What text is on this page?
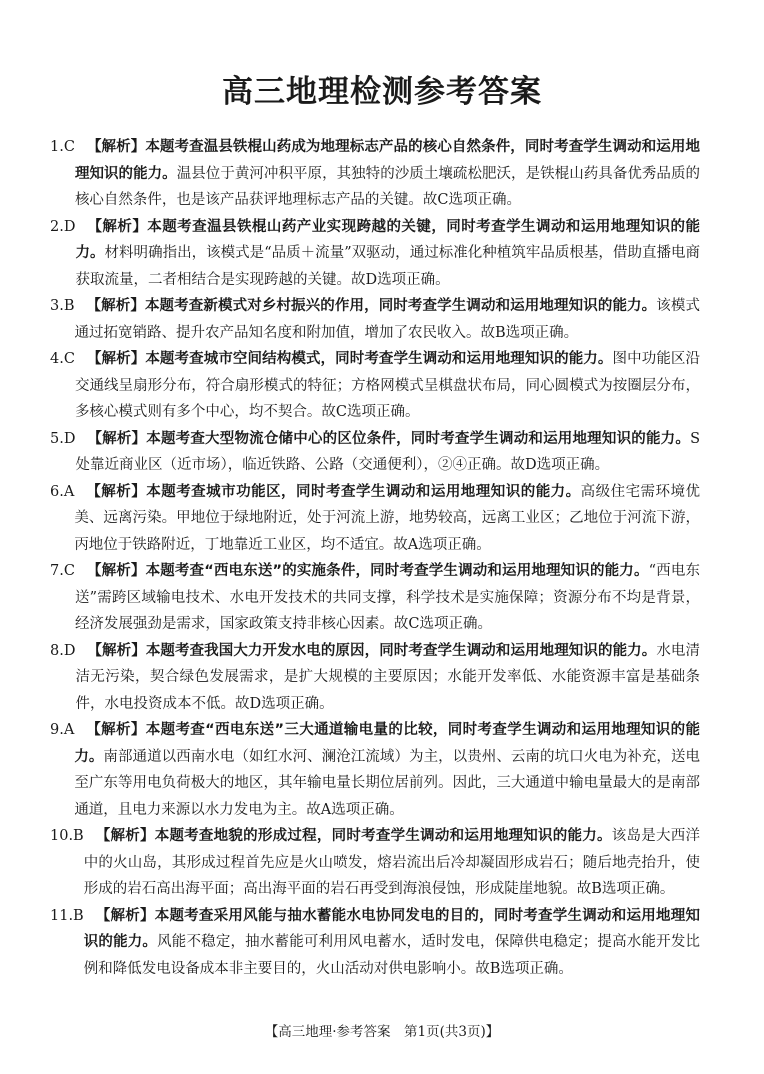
高三地理检测参考答案
1.C 【解析】本题考查温县铁棍山药成为地理标志产品的核心自然条件，同时考查学生调动和运用地理知识的能力。温县位于黄河冲积平原，其独特的沙质土壤疏松肥沃，是铁棍山药具备优秀品质的核心自然条件，也是该产品获评地理标志产品的关键。故C选项正确。
2.D 【解析】本题考查温县铁棍山药产业实现跨越的关键，同时考查学生调动和运用地理知识的能力。材料明确指出，该模式是“品质＋流量”双驱动，通过标准化种植筑牢品质根基，借助直播电商获取流量，二者相结合是实现跨越的关键。故D选项正确。
3.B 【解析】本题考查新模式对乡村振兴的作用，同时考查学生调动和运用地理知识的能力。该模式通过拓宽销路、提升农产品知名度和附加值，增加了农民收入。故B选项正确。
4.C 【解析】本题考查城市空间结构模式，同时考查学生调动和运用地理知识的能力。图中功能区沿交通线呈扇形分布，符合扇形模式的特征；方格网模式呈棋盘状布局，同心圆模式为按圈层分布，多核心模式则有多个中心，均不契合。故C选项正确。
5.D 【解析】本题考查大型物流仓储中心的区位条件，同时考查学生调动和运用地理知识的能力。S处靠近商业区（近市场），临近铁路、公路（交通便利），②④正确。故D选项正确。
6.A 【解析】本题考查城市功能区，同时考查学生调动和运用地理知识的能力。高级住宅需环境优美、远离污染。甲地位于绿地附近，处于河流上游，地势较高，远离工业区；乙地位于河流下游，丙地位于铁路附近，丁地靠近工业区，均不适宜。故A选项正确。
7.C 【解析】本题考查“西电东送”的实施条件，同时考查学生调动和运用地理知识的能力。“西电东送”需跨区域输电技术、水电开发技术的共同支撑，科学技术是实施保障；资源分布不均是背景，经济发展强劲是需求，国家政策支持非核心因素。故C选项正确。
8.D 【解析】本题考查我国大力开发水电的原因，同时考查学生调动和运用地理知识的能力。水电清洁无污染，契合绿色发展需求，是扩大规模的主要原因；水能开发率低、水能资源丰富是基础条件，水电投资成本不低。故D选项正确。
9.A 【解析】本题考查“西电东送”三大通道输电量的比较，同时考查学生调动和运用地理知识的能力。南部通道以西南水电（如红水河、澜沧江流域）为主，以贵州、云南的坑口火电为补充，送电至广东等用电负荷极大的地区，其年输电量长期位居前列。因此，三大通道中输电量最大的是南部通道，且电力来源以水力发电为主。故A选项正确。
10.B 【解析】本题考查地貌的形成过程，同时考查学生调动和运用地理知识的能力。该岛是大西洋中的火山岛，其形成过程首先应是火山喷发，熔岩流出后冷却凝固形成岩石；随后地壳抬升，使形成的岩石高出海平面；高出海平面的岩石再受到海浪侵蚀，形成陡崖地貌。故B选项正确。
11.B 【解析】本题考查采用风能与抽水蓄能水电协同发电的目的，同时考查学生调动和运用地理知识的能力。风能不稳定，抽水蓄能可利用风电蓄水，适时发电，保障供电稳定；提高水能开发比例和降低发电设备成本非主要目的，火山活动对供电影响小。故B选项正确。
【高三地理·参考答案　第1页(共3页)】
